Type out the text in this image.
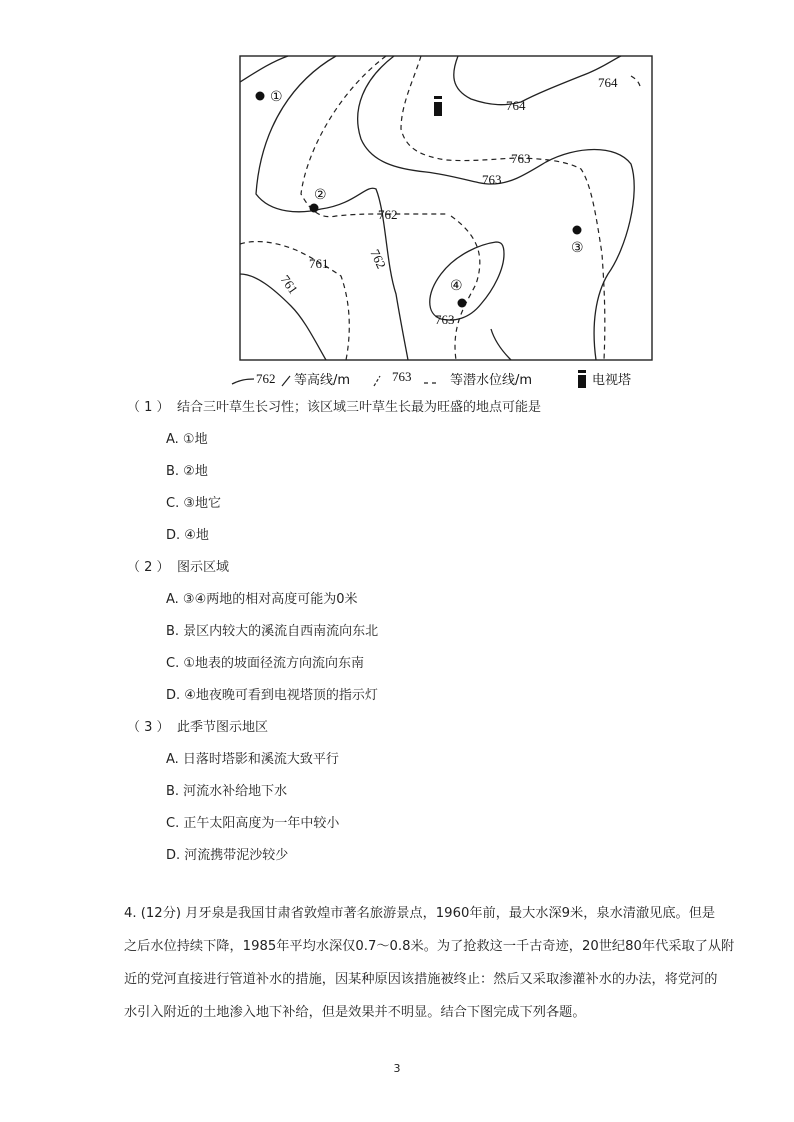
764
764
763
763
762
762
761
761
763
①
②
③
④
762 等高线/m	763	等潜水位线/m	电视塔
（ 1 ） 结合三叶草生长习性；该区域三叶草生长最为旺盛的地点可能是
A. ①地
B. ②地
C. ③地它
D. ④地
（ 2 ） 图示区域
A. ③④两地的相对高度可能为0米
B. 景区内较大的溪流自西南流向东北
C. ①地表的坡面径流方向流向东南
D. ④地夜晚可看到电视塔顶的指示灯
（ 3 ） 此季节图示地区
A. 日落时塔影和溪流大致平行
B. 河流水补给地下水
C. 正午太阳高度为一年中较小
D. 河流携带泥沙较少
4. (12分) 月牙泉是我国甘肃省敦煌市著名旅游景点，1960年前，最大水深9米，泉水清澈见底。但是
之后水位持续下降，1985年平均水深仅0.7～0.8米。为了抢救这一千古奇迹，20世纪80年代采取了从附
近的党河直接进行管道补水的措施，因某种原因该措施被终止：然后又采取渗灌补水的办法，将党河的
水引入附近的土地渗入地下补给，但是效果并不明显。结合下图完成下列各题。
3
